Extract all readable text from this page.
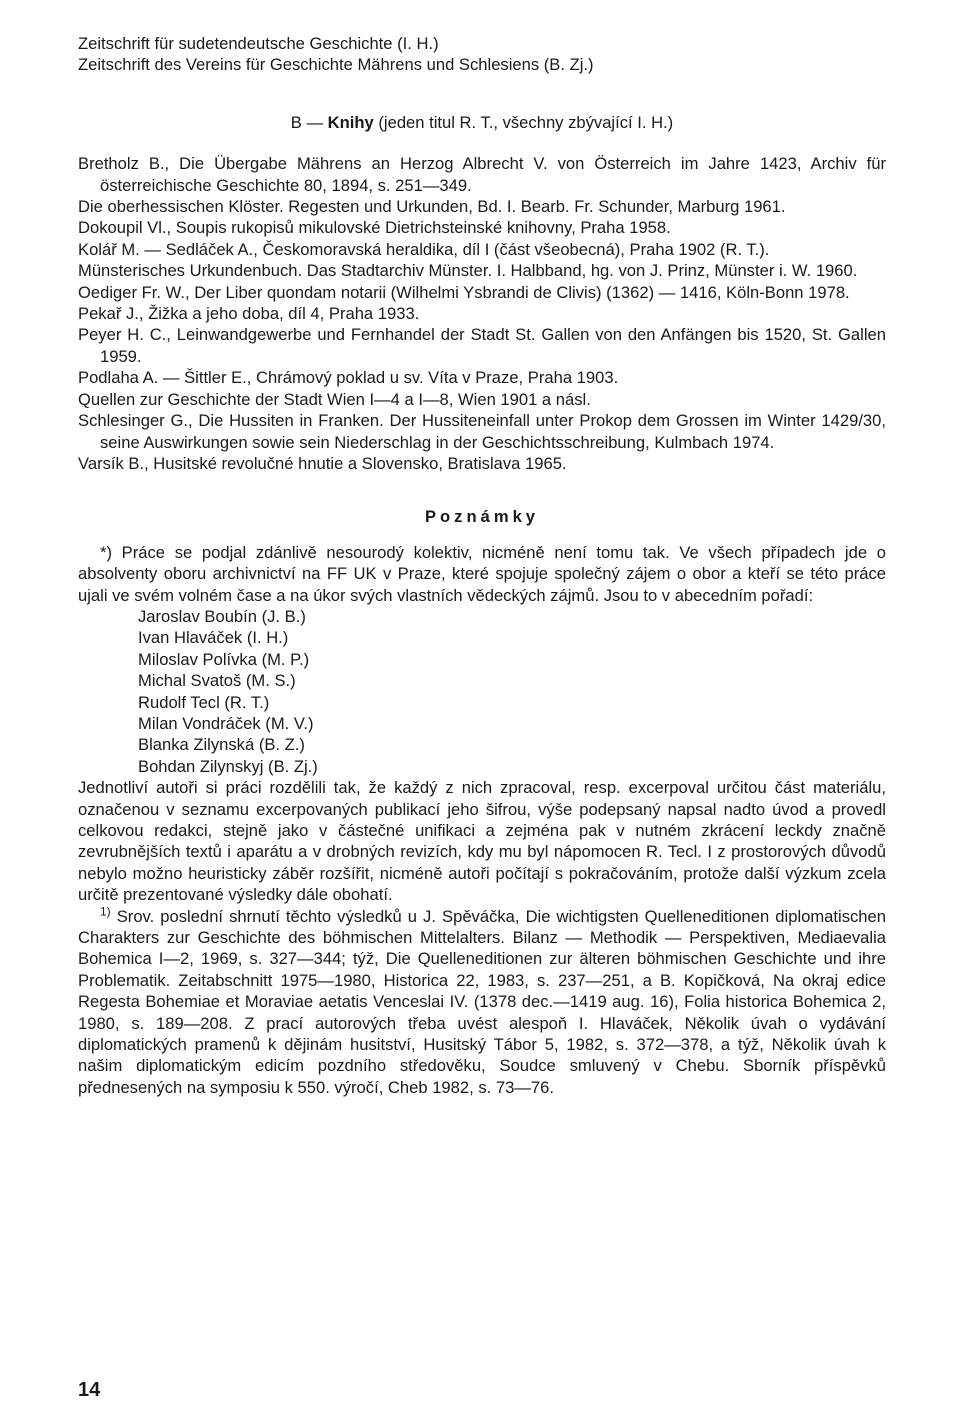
Zeitschrift für sudetendeutsche Geschichte (I. H.)

Zeitschrift des Vereins für Geschichte Mährens und Schlesiens (B. Zj.)

B — Knihy (jeden titul R. T., všechny zbývající I. H.)

Bretholz B., Die Übergabe Mährens an Herzog Albrecht V. von Österreich im Jahre 1423, Archiv für österreichische Geschichte 80, 1894, s. 251—349.

Die oberhessischen Klöster. Regesten und Urkunden, Bd. I. Bearb. Fr. Schunder, Marburg 1961.

Dokoupil Vl., Soupis rukopisů mikulovské Dietrichsteinské knihovny, Praha 1958.

Kolář M. — Sedláček A., Českomoravská heraldika, díl I (část všeobecná), Praha 1902 (R. T.).

Münsterisches Urkundenbuch. Das Stadtarchiv Münster. I. Halbband, hg. von J. Prinz, Münster i. W. 1960.

Oediger Fr. W., Der Liber quondam notarii (Wilhelmi Ysbrandi de Clivis) (1362) — 1416, Köln-Bonn 1978.

Pekař J., Žižka a jeho doba, díl 4, Praha 1933.

Peyer H. C., Leinwandgewerbe und Fernhandel der Stadt St. Gallen von den Anfängen bis 1520, St. Gallen 1959.

Podlaha A. — Šittler E., Chrámový poklad u sv. Víta v Praze, Praha 1903.

Quellen zur Geschichte der Stadt Wien I—4 a I—8, Wien 1901 a násl.

Schlesinger G., Die Hussiten in Franken. Der Hussiteneinfall unter Prokop dem Grossen im Winter 1429/30, seine Auswirkungen sowie sein Niederschlag in der Geschichtsschreibung, Kulmbach 1974.

Varsík B., Husitské revolučné hnutie a Slovensko, Bratislava 1965.

Poznámky

*) Práce se podjal zdánlivě nesourodý kolektiv, nicméně není tomu tak. Ve všech případech jde o absolventy oboru archivnictví na FF UK v Praze, které spojuje společný zájem o obor a kteří se této práce ujali ve svém volném čase a na úkor svých vlastních vědeckých zájmů. Jsou to v abecedním pořadí:

Jaroslav Boubín (J. B.)
Ivan Hlaváček (I. H.)
Miloslav Polívka (M. P.)
Michal Svatoš (M. S.)
Rudolf Tecl (R. T.)
Milan Vondráček (M. V.)
Blanka Zilynská (B. Z.)
Bohdan Zilynskyj (B. Zj.)

Jednotliví autoři si práci rozdělili tak, že každý z nich zpracoval, resp. excerpoval určitou část materiálu, označenou v seznamu excerpovaných publikací jeho šifrou, výše podepsaný napsal nadto úvod a provedl celkovou redakci, stejně jako v částečné unifikaci a zejména pak v nutném zkrácení leckdy značně zevrubnějších textů i aparátu a v drobných revizích, kdy mu byl nápomocen R. Tecl. I z prostorových důvodů nebylo možno heuristicky záběr rozšířit, nicméně autoři počítají s pokračováním, protože další výzkum zcela určitě prezentované výsledky dále obohatí.

$^{1)}$ Srov. poslední shrnutí těchto výsledků u J. Spěváčka, Die wichtigsten Quelleneditionen diplomatischen Charakters zur Geschichte des böhmischen Mittelalters. Bilanz — Methodik — Perspektiven, Mediaevalia Bohemica I—2, 1969, s. 327—344; týž, Die Quelleneditionen zur älteren böhmischen Geschichte und ihre Problematik. Zeitabschnitt 1975—1980, Historica 22, 1983, s. 237—251, a B. Kopičková, Na okraj edice Regesta Bohemiae et Moraviae aetatis Venceslai IV. (1378 dec.—1419 aug. 16), Folia historica Bohemica 2, 1980, s. 189—208. Z prací autorových třeba uvést alespoň I. Hlaváček, Několik úvah o vydávání diplomatických pramenů k dějinám husitství, Husitský Tábor 5, 1982, s. 372—378, a týž, Několik úvah k našim diplomatickým edicím pozdního středověku, Soudce smluvený v Chebu. Sborník příspěvků přednesených na symposiu k 550. výročí, Cheb 1982, s. 73—76.

14
